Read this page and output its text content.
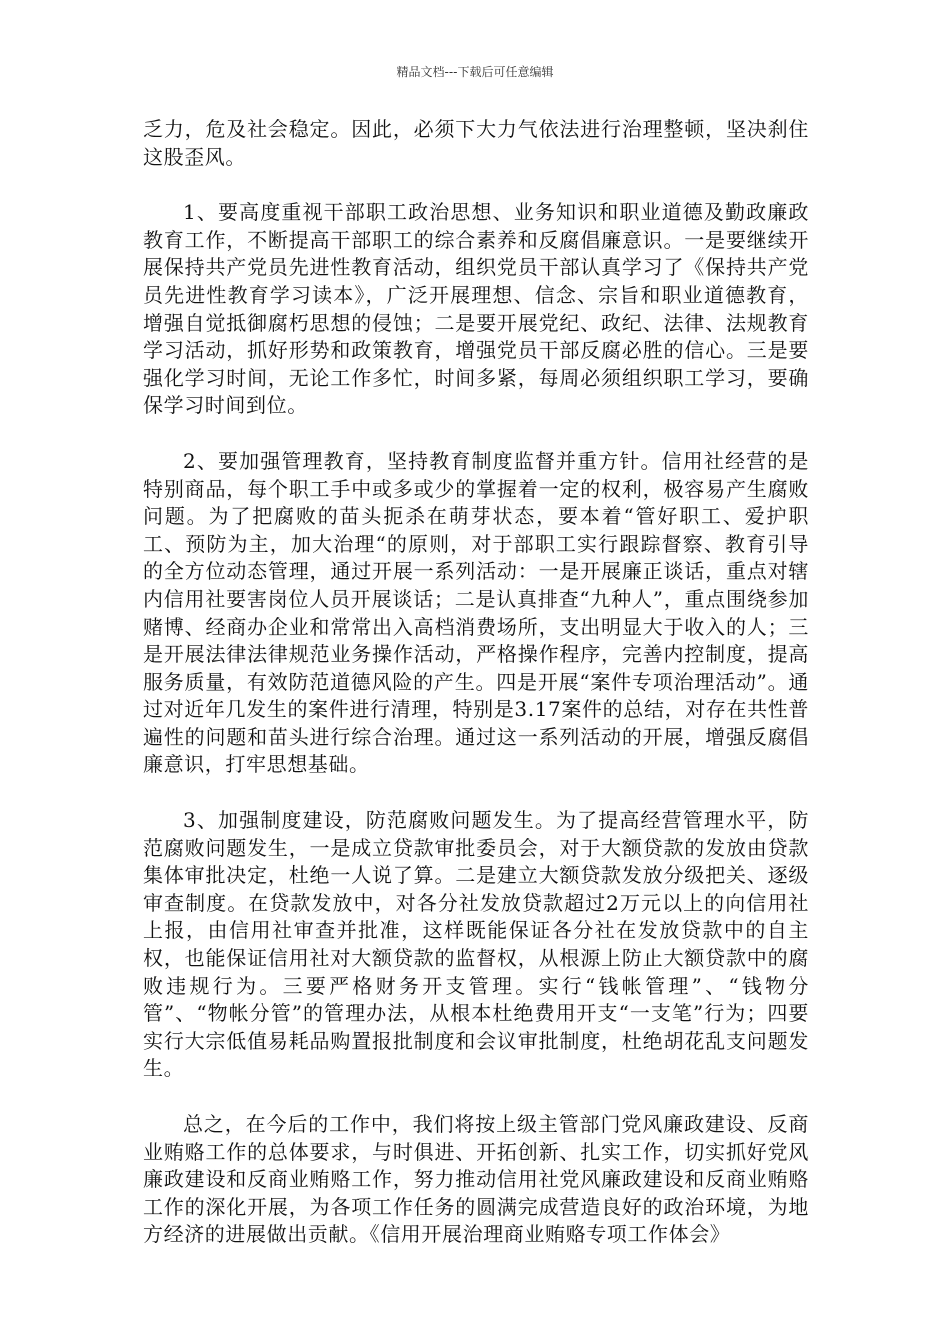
精品文档---下载后可任意编辑

乏力，危及社会稳定。因此，必须下大力气依法进行治理整顿，坚决刹住这股歪风。

1、要高度重视干部职工政治思想、业务知识和职业道德及勤政廉政教育工作，不断提高干部职工的综合素养和反腐倡廉意识。一是要继续开展保持共产党员先进性教育活动，组织党员干部认真学习了《保持共产党员先进性教育学习读本》，广泛开展理想、信念、宗旨和职业道德教育，增强自觉抵御腐朽思想的侵蚀；二是要开展党纪、政纪、法律、法规教育学习活动，抓好形势和政策教育，增强党员干部反腐必胜的信心。三是要强化学习时间，无论工作多忙，时间多紧，每周必须组织职工学习，要确保学习时间到位。

2、要加强管理教育，坚持教育制度监督并重方针。信用社经营的是特别商品，每个职工手中或多或少的掌握着一定的权利，极容易产生腐败问题。为了把腐败的苗头扼杀在萌芽状态，要本着“管好职工、爱护职工、预防为主，加大治理“的原则，对于部职工实行跟踪督察、教育引导的全方位动态管理，通过开展一系列活动：一是开展廉正谈话，重点对辖内信用社要害岗位人员开展谈话；二是认真排查“九种人”，重点围绕参加赌博、经商办企业和常常出入高档消费场所，支出明显大于收入的人；三是开展法律法律规范业务操作活动，严格操作程序，完善内控制度，提高服务质量，有效防范道德风险的产生。四是开展“案件专项治理活动”。通过对近年几发生的案件进行清理，特别是3.17案件的总结，对存在共性普遍性的问题和苗头进行综合治理。通过这一系列活动的开展，增强反腐倡廉意识，打牢思想基础。

3、加强制度建设，防范腐败问题发生。为了提高经营管理水平，防范腐败问题发生，一是成立贷款审批委员会，对于大额贷款的发放由贷款集体审批决定，杜绝一人说了算。二是建立大额贷款发放分级把关、逐级审查制度。在贷款发放中，对各分社发放贷款超过2万元以上的向信用社上报，由信用社审查并批准，这样既能保证各分社在发放贷款中的自主权，也能保证信用社对大额贷款的监督权，从根源上防止大额贷款中的腐败违规行为。三要严格财务开支管理。实行“钱帐管理”、“钱物分管”、“物帐分管”的管理办法，从根本杜绝费用开支“一支笔”行为；四要实行大宗低值易耗品购置报批制度和会议审批制度，杜绝胡花乱支问题发生。

总之，在今后的工作中，我们将按上级主管部门党风廉政建设、反商业贿赂工作的总体要求，与时俱进、开拓创新、扎实工作，切实抓好党风廉政建设和反商业贿赂工作，努力推动信用社党风廉政建设和反商业贿赂工作的深化开展，为各项工作任务的圆满完成营造良好的政治环境，为地方经济的进展做出贡献。《信用开展治理商业贿赂专项工作体会》
